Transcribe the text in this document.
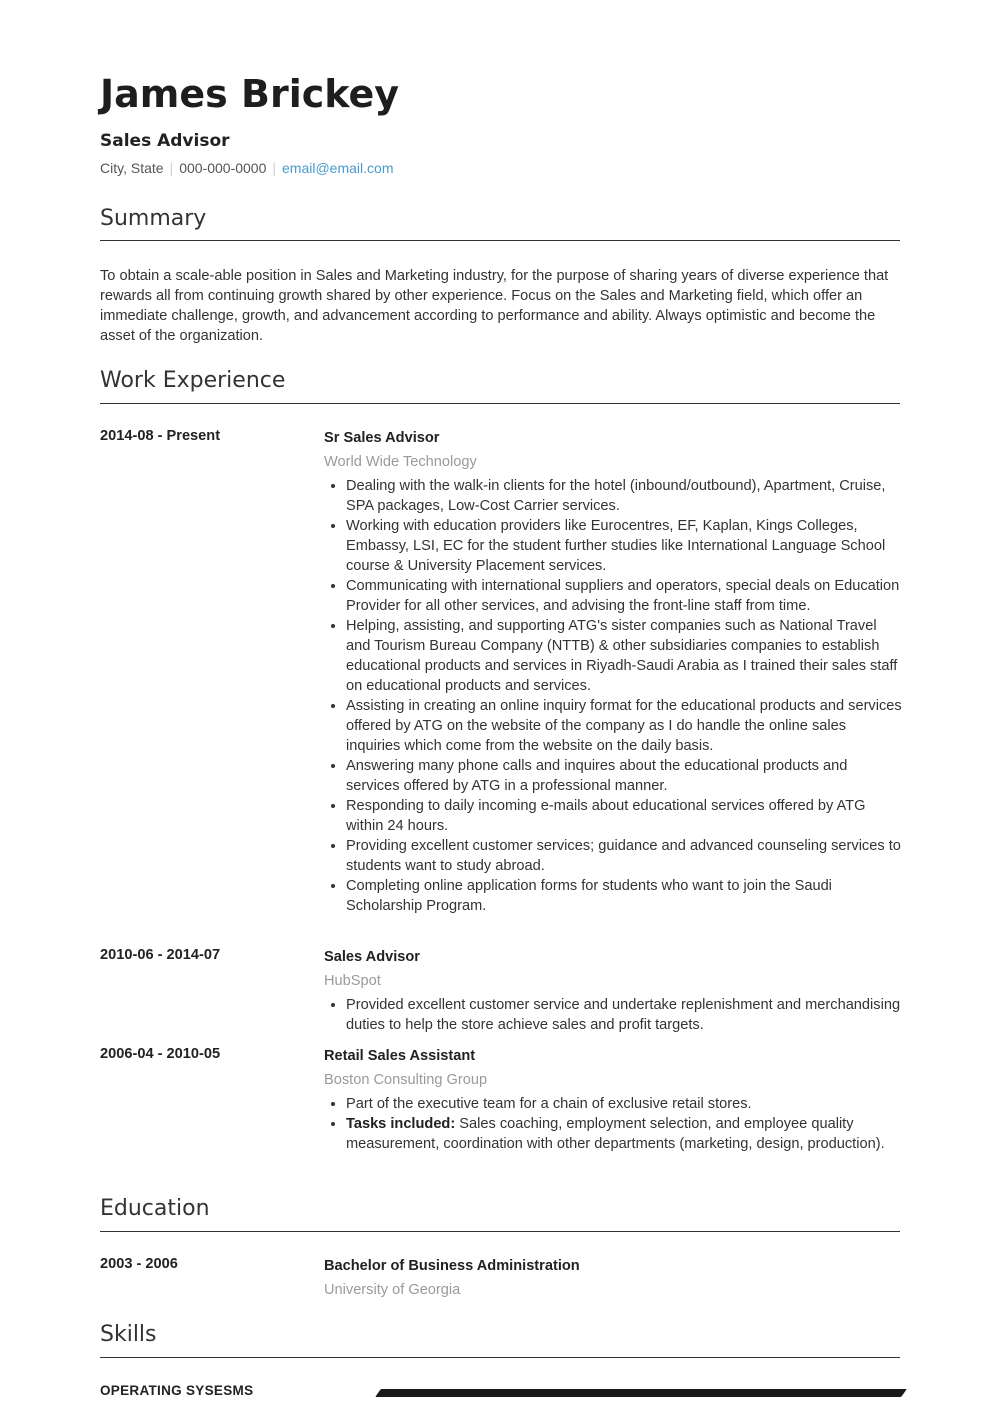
James Brickey
Sales Advisor
City, State | 000-000-0000 | email@email.com
Summary

To obtain a scale-able position in Sales and Marketing industry, for the purpose of sharing years of diverse experience that rewards all from continuing growth shared by other experience. Focus on the Sales and Marketing field, which offer an immediate challenge, growth, and advancement according to performance and ability. Always optimistic and become the asset of the organization.

Work Experience
2014-08 - Present	Sr Sales Advisor
World Wide Technology
• Dealing with the walk-in clients for the hotel (inbound/outbound), Apartment, Cruise, SPA packages, Low-Cost Carrier services.
• Working with education providers like Eurocentres, EF, Kaplan, Kings Colleges, Embassy, LSI, EC for the student further studies like International Language School course & University Placement services.
• Communicating with international suppliers and operators, special deals on Education Provider for all other services, and advising the front-line staff from time.
• Helping, assisting, and supporting ATG's sister companies such as National Travel and Tourism Bureau Company (NTTB) & other subsidiaries companies to establish educational products and services in Riyadh-Saudi Arabia as I trained their sales staff on educational products and services.
• Assisting in creating an online inquiry format for the educational products and services offered by ATG on the website of the company as I do handle the online sales inquiries which come from the website on the daily basis.
• Answering many phone calls and inquires about the educational products and services offered by ATG in a professional manner.
• Responding to daily incoming e-mails about educational services offered by ATG within 24 hours.
• Providing excellent customer services; guidance and advanced counseling services to students want to study abroad.
• Completing online application forms for students who want to join the Saudi Scholarship Program.
2010-06 - 2014-07	Sales Advisor
HubSpot
• Provided excellent customer service and undertake replenishment and merchandising duties to help the store achieve sales and profit targets.
2006-04 - 2010-05	Retail Sales Assistant
Boston Consulting Group
• Part of the executive team for a chain of exclusive retail stores.
• Tasks included: Sales coaching, employment selection, and employee quality measurement, coordination with other departments (marketing, design, production).
Education
2003 - 2006	Bachelor of Business Administration
University of Georgia
Skills
OPERATING SYSESMS
